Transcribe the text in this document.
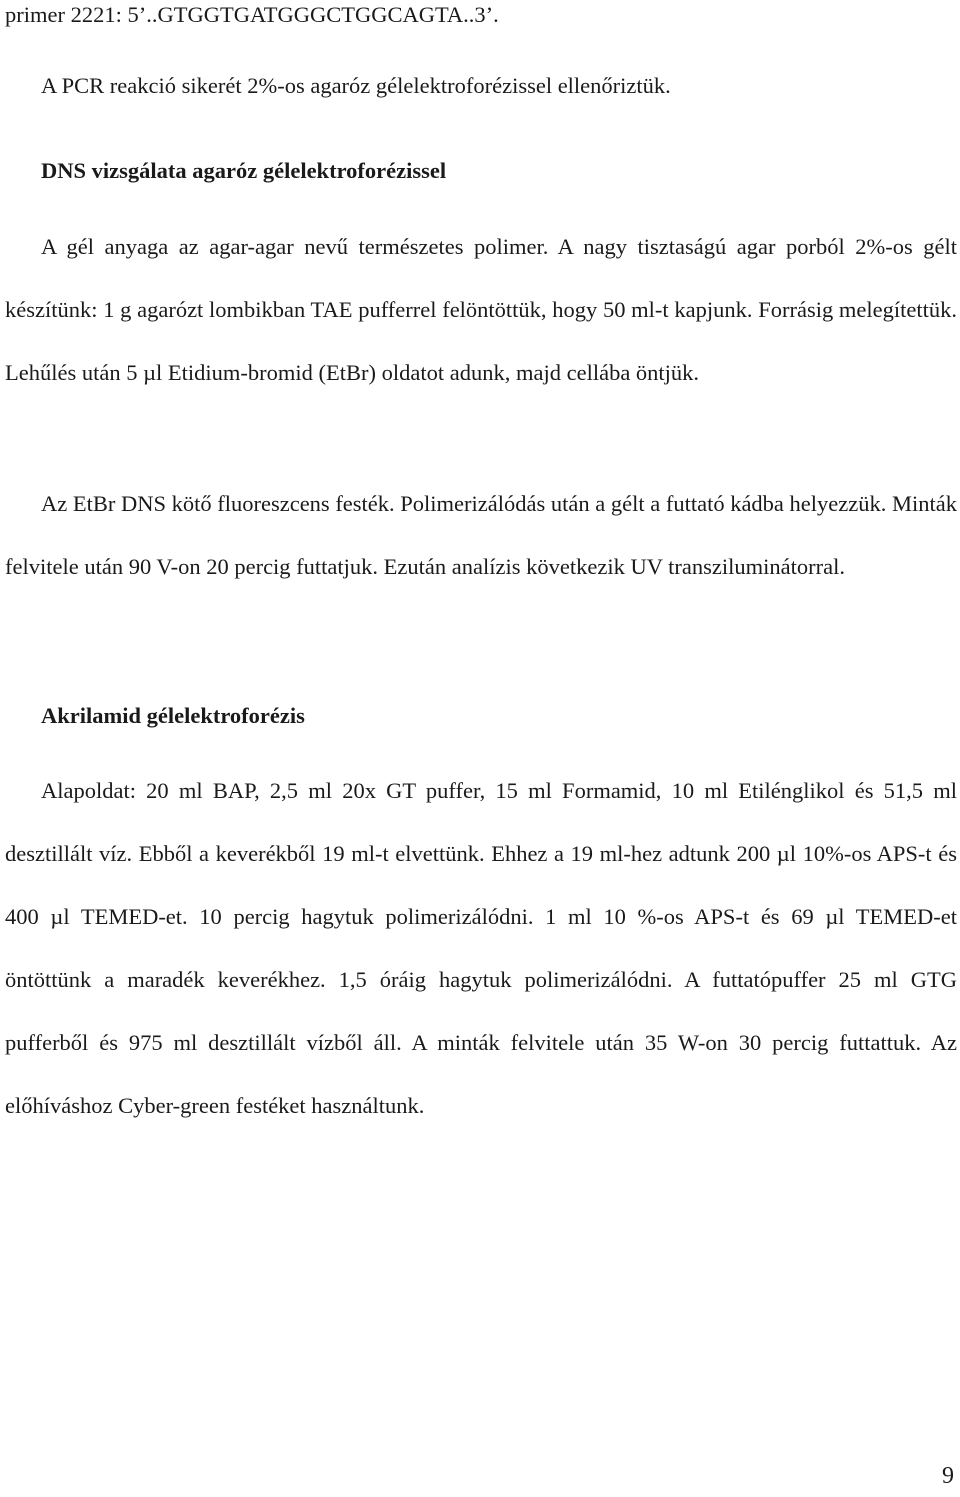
primer 2221: 5’..GTGGTGATGGGCTGGCAGTA..3’.
A PCR reakció sikerét 2%-os agaróz gélelektroforézissel ellenőriztük.
DNS vizsgálata agaróz gélelektroforézissel
A gél anyaga az agar-agar nevű természetes polimer. A nagy tisztaságú agar porból 2%-os gélt készítünk: 1 g agarózt lombikban TAE pufferrel felöntöttük, hogy 50 ml-t kapjunk. Forrásig melegítettük. Lehűlés után 5 µl Etidium-bromid (EtBr) oldatot adunk, majd cellába öntjük.
Az EtBr DNS kötő fluoreszcens festék. Polimerizálódás után a gélt a futtató kádba helyezzük. Minták felvitele után 90 V-on 20 percig futtatjuk. Ezután analízis következik UV transziluminátorral.
Akrilamid gélelektroforézis
Alapoldat: 20 ml BAP, 2,5 ml 20x GT puffer, 15 ml Formamid, 10 ml Etilénglikol és 51,5 ml desztillált víz. Ebből a keverékből 19 ml-t elvettünk. Ehhez a 19 ml-hez adtunk 200 µl 10%-os APS-t és 400 µl TEMED-et. 10 percig hagytuk polimerizálódni. 1 ml 10 %-os APS-t és 69 µl TEMED-et öntöttünk a maradék keverékhez. 1,5 óráig hagytuk polimerizálódni. A futtatópuffer 25 ml GTG pufferből és 975 ml desztillált vízből áll. A minták felvitele után 35 W-on 30 percig futtattuk. Az előhíváshoz Cyber-green festéket használtunk.
9
